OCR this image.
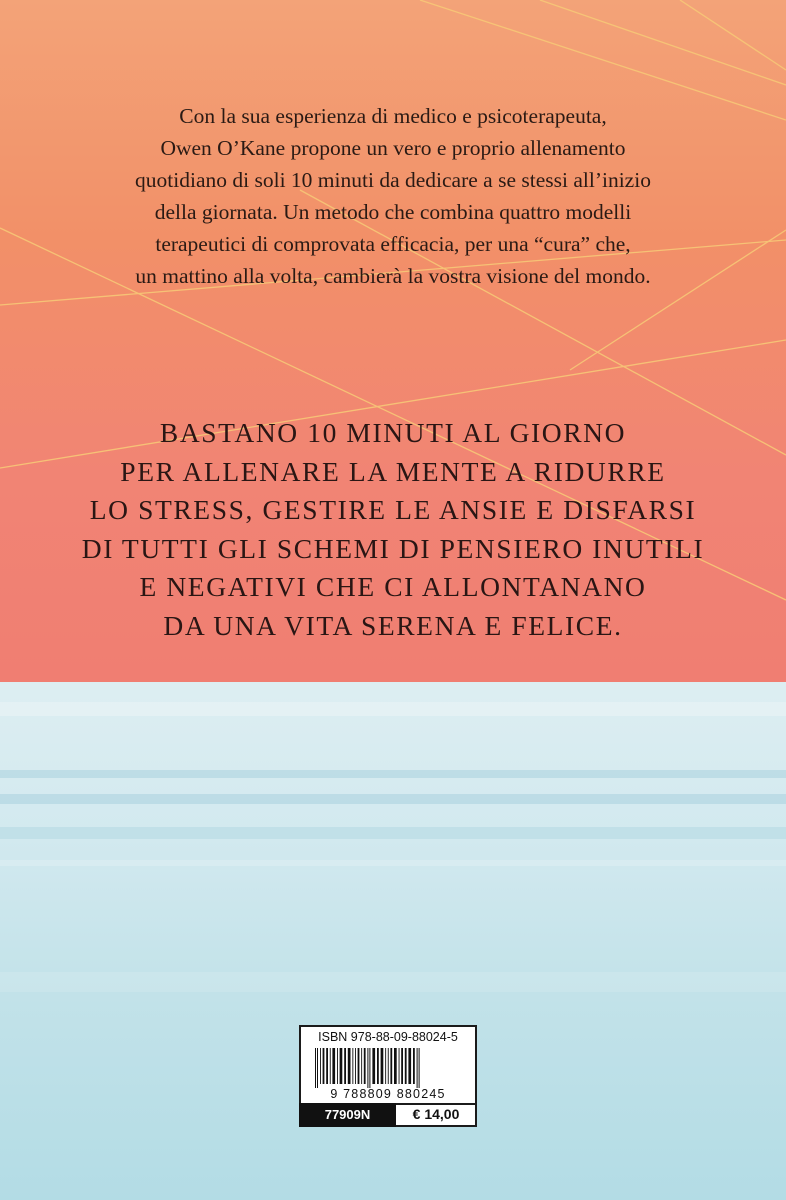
Con la sua esperienza di medico e psicoterapeuta,
Owen O’Kane propone un vero e proprio allenamento
quotidiano di soli 10 minuti da dedicare a se stessi all’inizio
della giornata. Un metodo che combina quattro modelli
terapeutici di comprovata efficacia, per una “cura” che,
un mattino alla volta, cambierà la vostra visione del mondo.

BASTANO 10 MINUTI AL GIORNO
PER ALLENARE LA MENTE A RIDURRE
LO STRESS, GESTIRE LE ANSIE E DISFARSI
DI TUTTI GLI SCHEMI DI PENSIERO INUTILI
E NEGATIVI CHE CI ALLONTANANO
DA UNA VITA SERENA E FELICE.

ISBN 978-88-09-88024-5
9 788809 880245
77909N	€ 14,00
